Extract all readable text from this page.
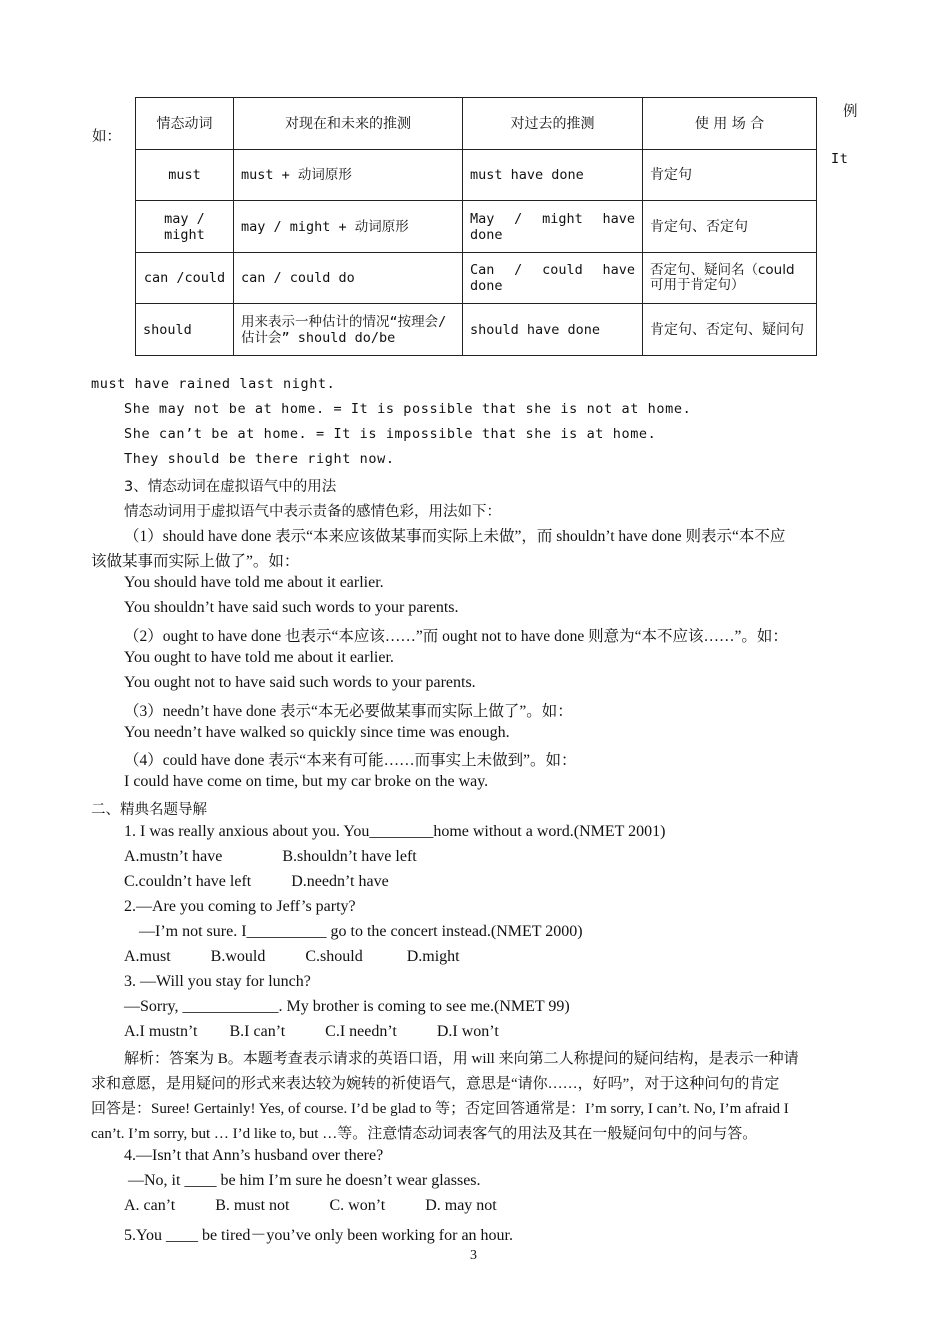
如：
例
It
情态动词	对现在和未来的推测	对过去的推测	使 用 场 合
must	must + 动词原形	must have done	肯定句
may / might	may / might + 动词原形	May / might have done	肯定句、否定句
can /could	can / could do	Can / could have done	否定句、疑问名（could 可用于肯定句）
should	用来表示一种估计的情况“按理会/估计会” should do/be	should have done	肯定句、否定句、疑问句
must have rained last night.
She may not be at home. = It is possible that she is not at home.
She can’t be at home. = It is impossible that she is at home.
They should be there right now.
3、情态动词在虚拟语气中的用法
情态动词用于虚拟语气中表示责备的感情色彩，用法如下：
（1）should have done 表示“本来应该做某事而实际上未做”，而 shouldn’t have done 则表示“本不应
该做某事而实际上做了”。如：
You should have told me about it earlier.
You shouldn’t have said such words to your parents.
（2）ought to have done 也表示“本应该……”而 ought not to have done 则意为“本不应该……”。如：
You ought to have told me about it earlier.
You ought not to have said such words to your parents.
（3）needn’t have done 表示“本无必要做某事而实际上做了”。如：
You needn’t have walked so quickly since time was enough.
（4）could have done 表示“本来有可能……而事实上未做到”。如：
I could have come on time, but my car broke on the way.
二、精典名题导解
1. I was really anxious about you. You________home without a word.(NMET 2001)
A.mustn’t have               B.shouldn’t have left
C.couldn’t have left          D.needn’t have
2.—Are you coming to Jeff’s party?
—I’m not sure. I__________ go to the concert instead.(NMET 2000)
A.must          B.would          C.should           D.might
3. —Will you stay for lunch?
—Sorry, ____________. My brother is coming to see me.(NMET 99)
A.I mustn’t        B.I can’t          C.I needn’t          D.I won’t
解析：答案为 B。本题考查表示请求的英语口语，用 will 来向第二人称提问的疑问结构，是表示一种请
求和意愿，是用疑问的形式来表达较为婉转的祈使语气，意思是“请你……，好吗”，对于这种问句的肯定
回答是：Suree! Gertainly! Yes, of course. I’d be glad to 等；否定回答通常是：I’m sorry, I can’t. No, I’m afraid I
can’t. I’m sorry, but … I’d like to, but …等。注意情态动词表客气的用法及其在一般疑问句中的问与答。
4.—Isn’t that Ann’s husband over there?
—No, it ____ be him I’m sure he doesn’t wear glasses.
A. can’t          B. must not          C. won’t          D. may not
5.You ____ be tired－you’ve only been working for an hour.
3
